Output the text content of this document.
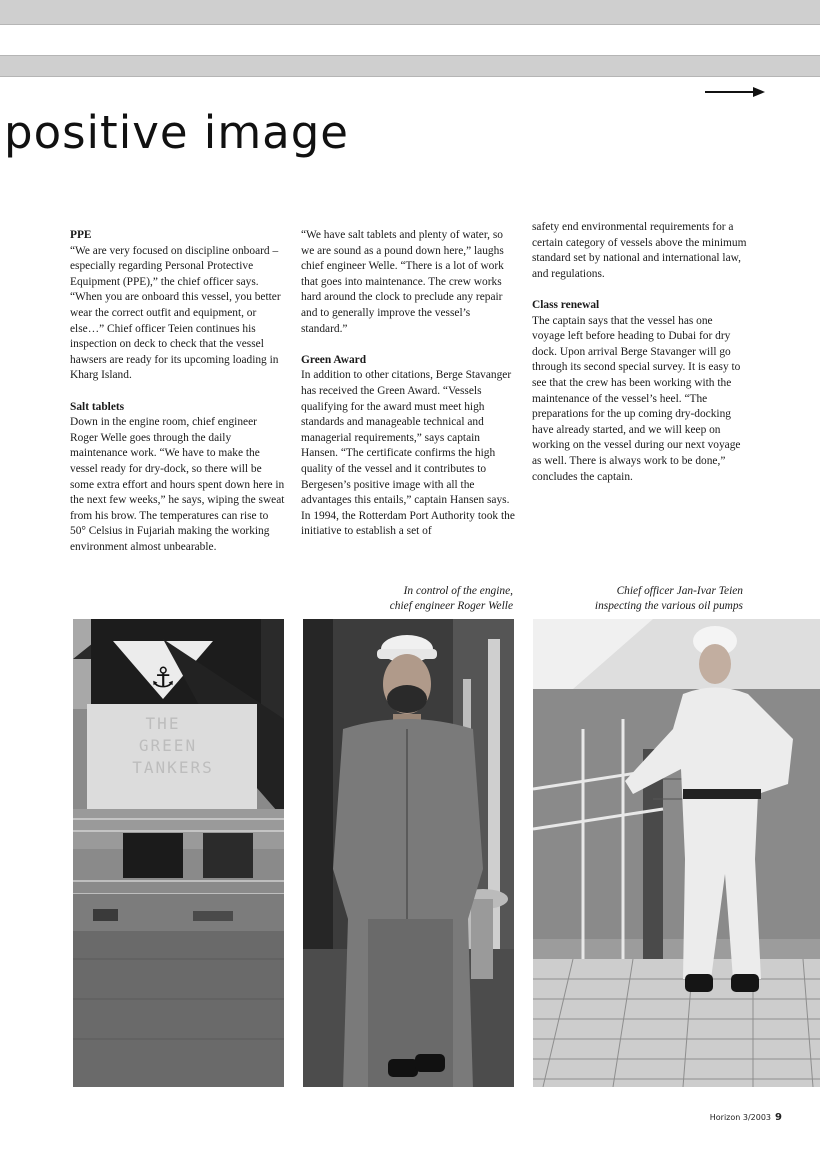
positive image
PPE

“We are very focused on discipline onboard – especially regarding Personal Protective Equipment (PPE),” the chief officer says. “When you are onboard this vessel, you better wear the correct outfit and equipment, or else…” Chief officer Teien continues his inspection on deck to check that the vessel hawsers are ready for its upcoming loading in Kharg Island.

Salt tablets

Down in the engine room, chief engineer Roger Welle goes through the daily maintenance work. “We have to make the vessel ready for dry-dock, so there will be some extra effort and hours spent down here in the next few weeks,” he says, wiping the sweat from his brow. The temperatures can rise to 50° Celsius in Fujariah making the working environment almost unbearable.

“We have salt tablets and plenty of water, so we are sound as a pound down here,” laughs chief engineer Welle. “There is a lot of work that goes into maintenance. The crew works hard around the clock to preclude any repair and to generally improve the vessel’s standard.”

Green Award

In addition to other citations, Berge Stavanger has received the Green Award. “Vessels qualifying for the award must meet high standards and manageable technical and managerial requirements,” says captain Hansen. “The certificate confirms the high quality of the vessel and it contributes to Bergesen’s positive image with all the advantages this entails,” captain Hansen says.

In 1994, the Rotterdam Port Authority took the initiative to establish a set of

safety end environmental requirements for a certain category of vessels above the minimum standard set by national and international law, and regulations.

Class renewal

The captain says that the vessel has one voyage left before heading to Dubai for dry dock. Upon arrival Berge Stavanger will go through its second special survey. It is easy to see that the crew has been working with the maintenance of the vessel’s heel. “The preparations for the up coming dry-docking have already started, and we will keep on working on the vessel during our next voyage as well. There is always work to be done,” concludes the captain.

In control of the engine,
chief engineer Roger Welle
Chief officer Jan-Ivar Teien
inspecting the various oil pumps
⚓
THE
GREEN
TANKERS
Horizon 3/2003 9
